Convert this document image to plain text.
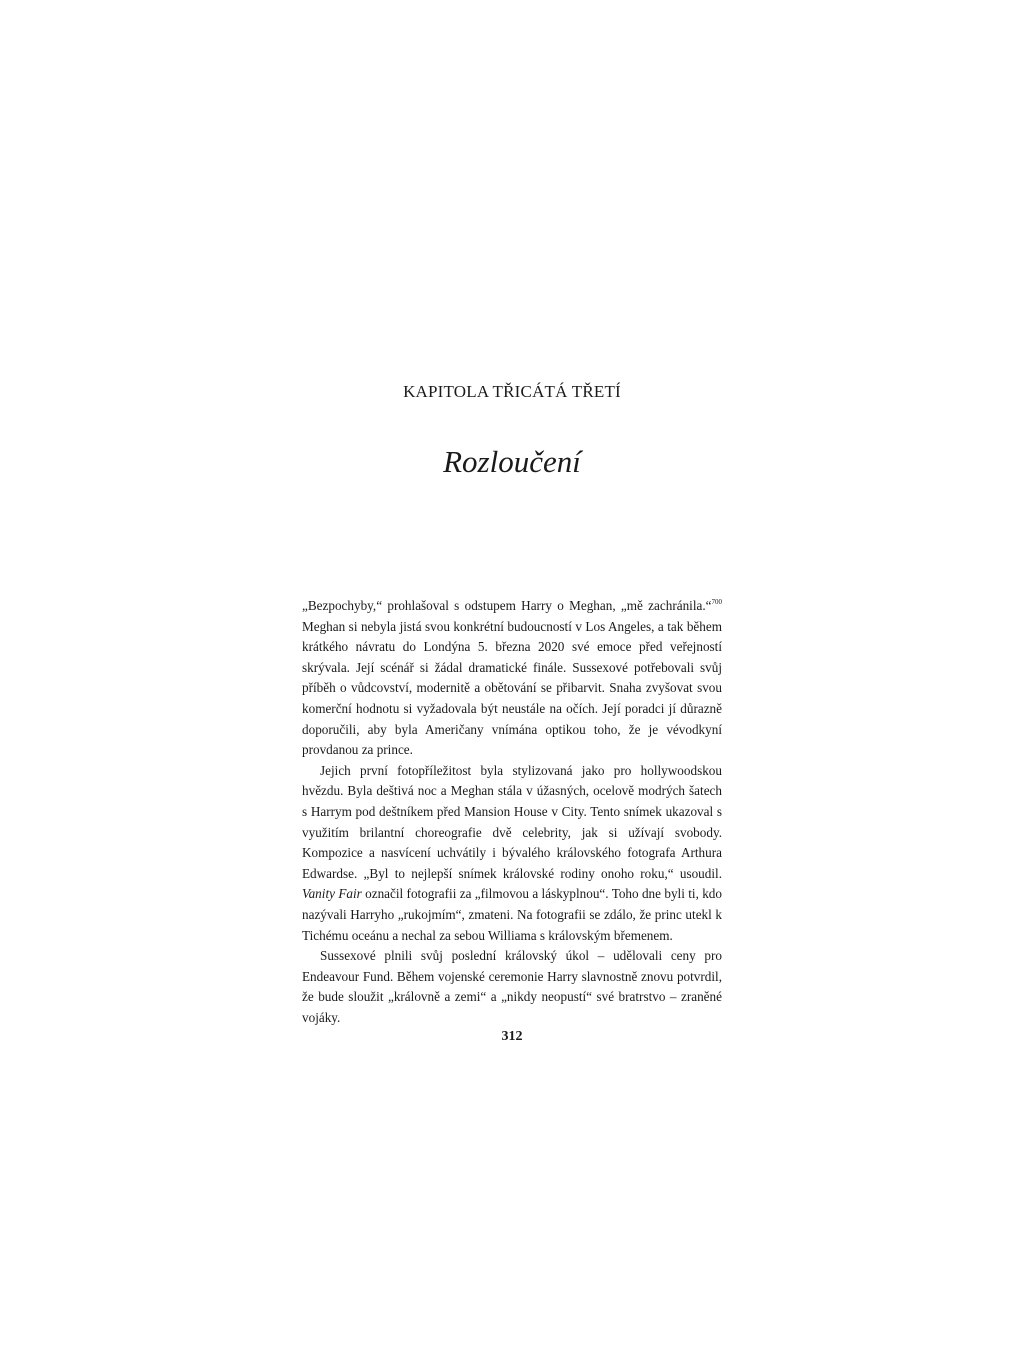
KAPITOLA TŘICÁTÁ TŘETÍ
Rozloučení

„Bezpochyby,“ prohlašoval s odstupem Harry o Meghan, „mě zachránila.“$^{700}$ Meghan si nebyla jistá svou konkrétní budoucností v Los Angeles, a tak během krátkého návratu do Londýna 5. března 2020 své emoce před veřejností skrývala. Její scénář si žádal dramatické finále. Sussexové potřebovali svůj příběh o vůdcovství, modernitě a obětování se přibarvit. Snaha zvyšovat svou komerční hodnotu si vyžadovala být neustále na očích. Její poradci jí důrazně doporučili, aby byla Američany vnímána optikou toho, že je vévodkyní provdanou za prince.

Jejich první fotopříležitost byla stylizovaná jako pro hollywoodskou hvězdu. Byla deštivá noc a Meghan stála v úžasných, ocelově modrých šatech s Harrym pod deštníkem před Mansion House v City. Tento snímek ukazoval s využitím brilantní choreografie dvě celebrity, jak si užívají svobody. Kompozice a nasvícení uchvátily i bývalého královského fotografa Arthura Edwardse. „Byl to nejlepší snímek královské rodiny onoho roku,“ usoudil. Vanity Fair označil fotografii za „filmovou a láskyplnou“. Toho dne byli ti, kdo nazývali Harryho „rukojmím“, zmateni. Na fotografii se zdálo, že princ utekl k Tichému oceánu a nechal za sebou Williama s královským břemenem.

Sussexové plnili svůj poslední královský úkol – udělovali ceny pro Endeavour Fund. Během vojenské ceremonie Harry slavnostně znovu potvrdil, že bude sloužit „královně a zemi“ a „nikdy neopustí“ své bratrstvo – zraněné vojáky.

312
